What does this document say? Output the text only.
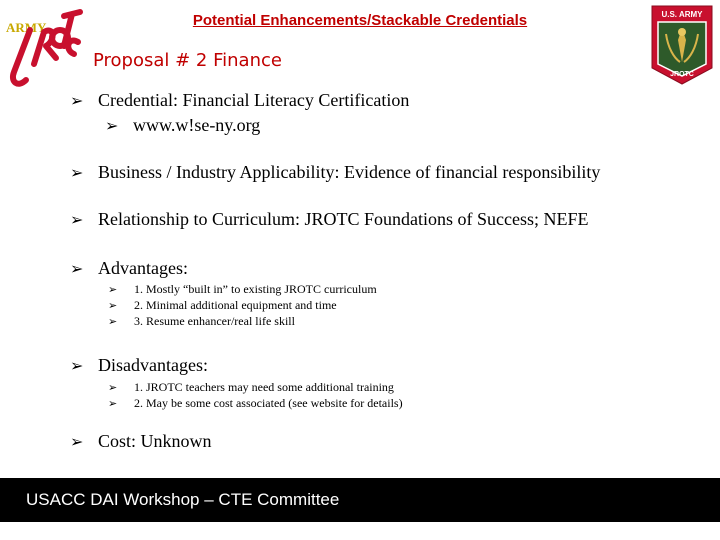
ARMY	Potential Enhancements/Stackable Credentials
Proposal # 2 Finance
U.S. ARMY
JROTC
➢ Credential: Financial Literacy Certification
➢ www.w!se-ny.org
➢ Business / Industry Applicability: Evidence of financial responsibility
➢ Relationship to Curriculum: JROTC Foundations of Success; NEFE
➢ Advantages:
➢ 1. Mostly “built in” to existing JROTC curriculum
➢ 2. Minimal additional equipment and time
➢ 3. Resume enhancer/real life skill
➢ Disadvantages:
➢ 1. JROTC teachers may need some additional training
➢ 2. May be some cost associated (see website for details)
➢ Cost: Unknown
USACC DAI Workshop – CTE Committee
